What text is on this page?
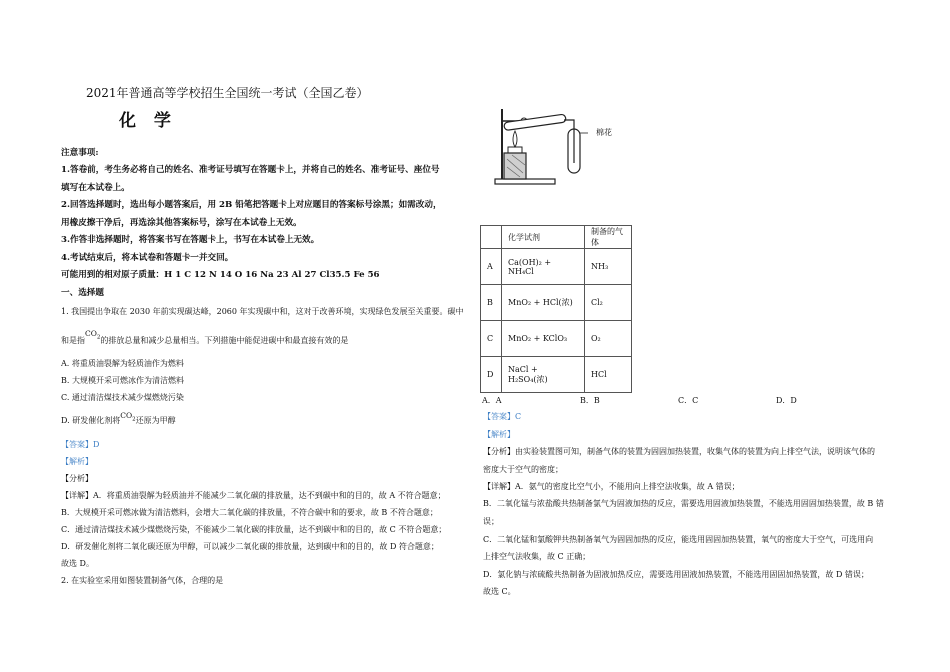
2021年普通高等学校招生全国统一考试（全国乙卷）
化 学
注意事项:
1.答卷前，考生务必将自己的姓名、准考证号填写在答题卡上，并将自己的姓名、准考证号、座位号
填写在本试卷上。
2.回答选择题时，选出每小题答案后，用 2B 铅笔把答题卡上对应题目的答案标号涂黑；如需改动，
用橡皮擦干净后，再选涂其他答案标号，涂写在本试卷上无效。
3.作答非选择题时，将答案书写在答题卡上，书写在本试卷上无效。
4.考试结束后，将本试卷和答题卡一并交回。
可能用到的相对原子质量：H 1 C 12 N 14 O 16 Na 23 Al 27 Cl35.5 Fe 56
一、选择题
1. 我国提出争取在 2030 年前实现碳达峰，2060 年实现碳中和，这对于改善环境，实现绿色发展至关重要。碳中
和是指$CO_2$的排放总量和减少总量相当。下列措施中能促进碳中和最直接有效的是
A. 将重质油裂解为轻质油作为燃料
B. 大规模开采可燃冰作为清洁燃料
C. 通过清洁煤技术减少煤燃烧污染
D. 研发催化剂将$CO_2$还原为甲醇
【答案】D
【解析】
【分析】
【详解】A．将重质油裂解为轻质油并不能减少二氧化碳的排放量，达不到碳中和的目的，故 A 不符合题意；
B．大规模开采可燃冰做为清洁燃料，会增大二氧化碳的排放量，不符合碳中和的要求，故 B 不符合题意；
C．通过清洁煤技术减少煤燃烧污染，不能减少二氧化碳的排放量，达不到碳中和的目的，故 C 不符合题意；
D．研发催化剂将二氧化碳还原为甲醇，可以减少二氧化碳的排放量，达到碳中和的目的，故 D 符合题意；
故选 D。
2. 在实验室采用如图装置制备气体，合理的是
棉花
	化学试剂	制备的气体
A	Ca(OH)₂ + NH₄Cl	NH₃
B	MnO₂ + HCl(浓)	Cl₂
C	MnO₂ + KClO₃	O₂
D	NaCl + H₂SO₄(浓)	HCl
A．A	B．B	C．C	D．D
【答案】C
【解析】
【分析】由实验装置图可知，制备气体的装置为固固加热装置，收集气体的装置为向上排空气法，说明该气体的
密度大于空气的密度；
【详解】A．氨气的密度比空气小，不能用向上排空法收集，故 A 错误；
B．二氧化锰与浓盐酸共热制备氯气为固液加热的反应，需要选用固液加热装置，不能选用固固加热装置，故 B 错
误；
C．二氧化锰和氯酸钾共热制备氧气为固固加热的反应，能选用固固加热装置，氧气的密度大于空气，可选用向
上排空气法收集，故 C 正确；
D．氯化钠与浓硫酸共热制备为固液加热反应，需要选用固液加热装置，不能选用固固加热装置，故 D 错误；
故选 C。
